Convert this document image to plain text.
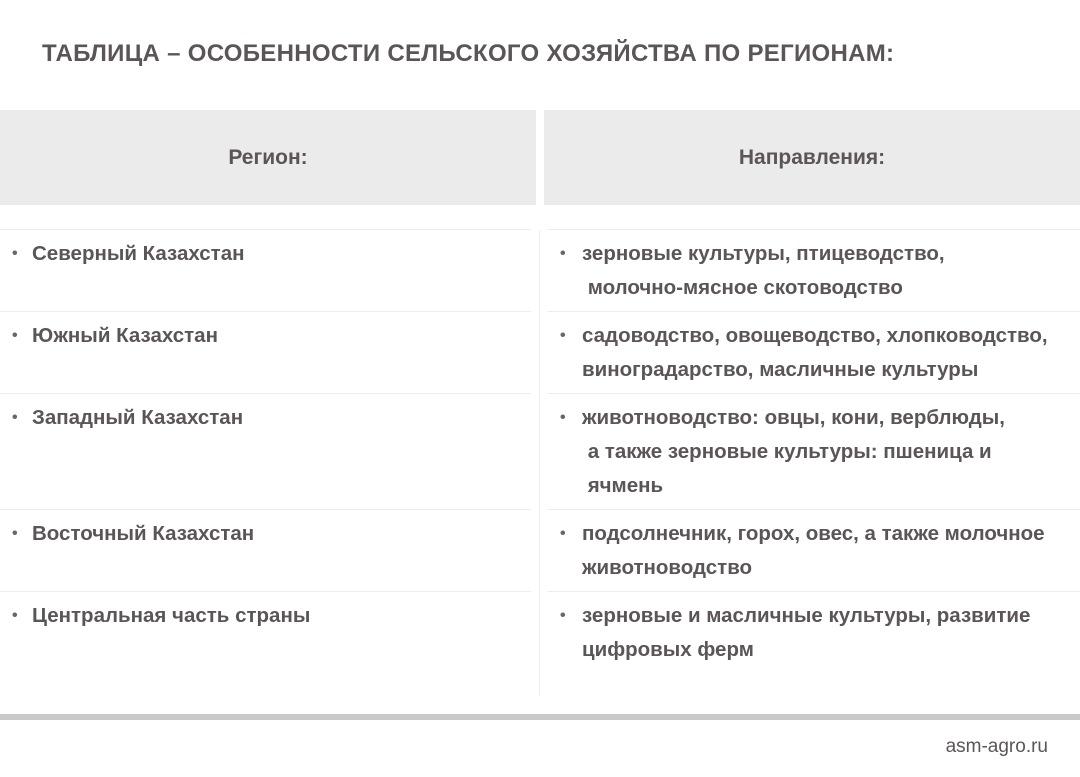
ТАБЛИЦА – ОСОБЕННОСТИ СЕЛЬСКОГО ХОЗЯЙСТВА ПО РЕГИОНАМ:
Регион:	Направления:
• Северный Казахстан	• зерновые культуры, птицеводство,
молочно-мясное скотоводство
• Южный Казахстан	• садоводство, овощеводство, хлопководство,
виноградарство, масличные культуры
• Западный Казахстан	• животноводство: овцы, кони, верблюды,
а также зерновые культуры: пшеница и
ячмень
• Восточный Казахстан	• подсолнечник, горох, овес, а также молочное
животноводство
• Центральная часть страны	• зерновые и масличные культуры, развитие
цифровых ферм
asm-agro.ru
